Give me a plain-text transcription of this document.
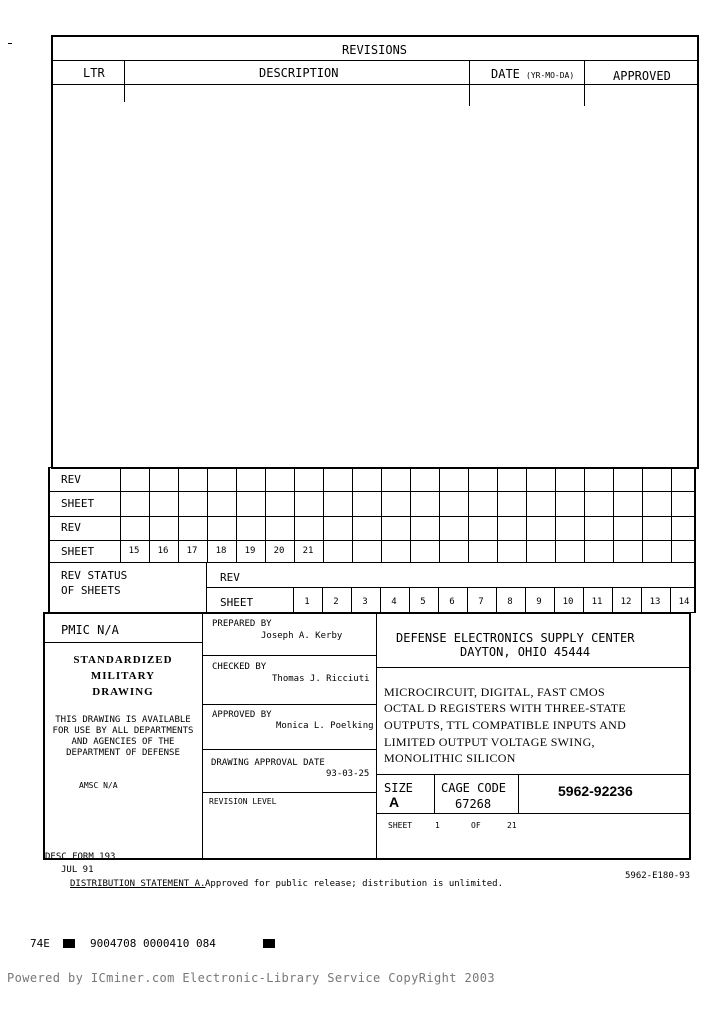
REVISIONS
LTR	DESCRIPTION	DATE (YR-MO-DA)	APPROVED
REV
SHEET
REV
SHEET	15	16	17	18	19	20	21
REV STATUS
OF SHEETS
REV
SHEET	1	2	3	4	5	6	7	8	9	10	11	12	13	14
PMIC N/A
STANDARDIZED
MILITARY
DRAWING
THIS DRAWING IS AVAILABLE
FOR USE BY ALL DEPARTMENTS
AND AGENCIES OF THE
DEPARTMENT OF DEFENSE
AMSC N/A
PREPARED BY
Joseph A. Kerby
CHECKED BY
Thomas J. Ricciuti
APPROVED BY
Monica L. Poelking
DRAWING APPROVAL DATE
93-03-25
REVISION LEVEL
DEFENSE ELECTRONICS SUPPLY CENTER
DAYTON, OHIO 45444
MICROCIRCUIT, DIGITAL, FAST CMOS
OCTAL D REGISTERS WITH THREE-STATE
OUTPUTS, TTL COMPATIBLE INPUTS AND
LIMITED OUTPUT VOLTAGE SWING,
MONOLITHIC SILICON
SIZE
A
CAGE CODE
67268
5962-92236
SHEET	1	OF	21
DESC FORM 193
JUL 91
DISTRIBUTION STATEMENT A. Approved for public release; distribution is unlimited.
5962-E180-93
74E	9004708 0000410 084
Powered by ICminer.com Electronic-Library Service CopyRight 2003
